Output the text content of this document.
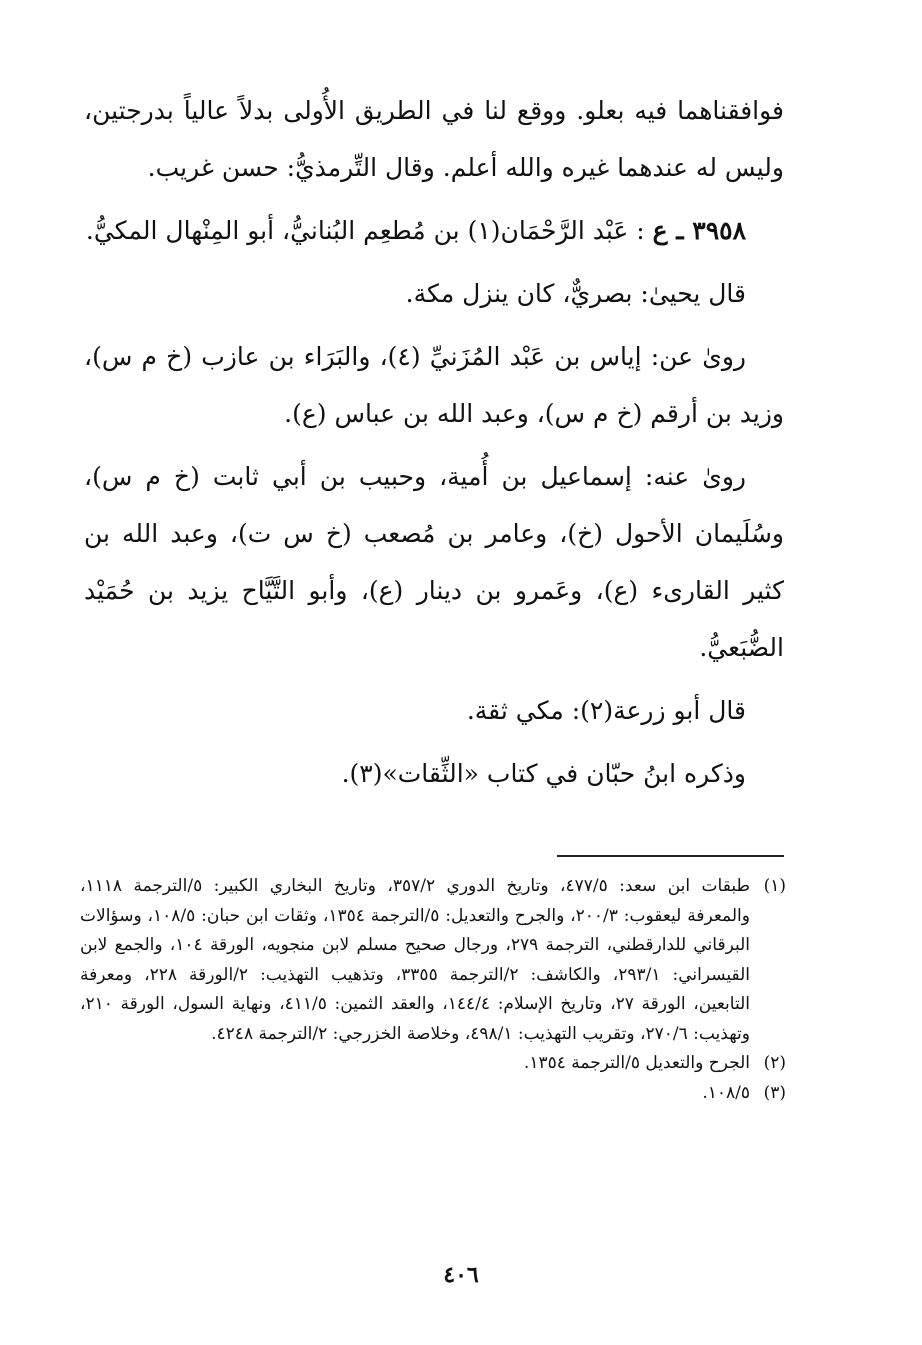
فوافقناهما فيه بعلو. ووقع لنا في الطريق الأُولى بدلاً عالياً بدرجتين، وليس له عندهما غيره والله أعلم. وقال التِّرمذيُّ: حسن غريب.

٣٩٥٨ ـ ع : عَبْد الرَّحْمَان(١) بن مُطعِم البُنانيُّ، أبو المِنْهال المكيُّ.

قال يحيىٰ: بصريٌّ، كان ينزل مكة.

روىٰ عن: إياس بن عَبْد المُزَنيِّ (٤)، والبَرَاء بن عازب (خ م س)، وزيد بن أرقم (خ م س)، وعبد الله بن عباس (ع).

روىٰ عنه: إسماعيل بن أُمية، وحبيب بن أبي ثابت (خ م س)، وسُلَيمان الأحول (خ)، وعامر بن مُصعب (خ س ت)، وعبد الله بن كثير القارىء (ع)، وعَمرو بن دينار (ع)، وأبو التَّيَّاح يزيد بن حُمَيْد الضُّبَعيُّ.

قال أبو زرعة(٢): مكي ثقة.

وذكره ابنُ حبّان في كتاب «الثِّقات»(٣).

(١)
طبقات ابن سعد: ٤٧٧/٥، وتاريخ الدوري ٣٥٧/٢، وتاريخ البخاري الكبير: ٥/الترجمة ١١١٨، والمعرفة ليعقوب: ٢٠٠/٣، والجرح والتعديل: ٥/الترجمة ١٣٥٤، وثقات ابن حبان: ١٠٨/٥، وسؤالات البرقاني للدارقطني، الترجمة ٢٧٩، ورجال صحيح مسلم لابن منجويه، الورقة ١٠٤، والجمع لابن القيسراني: ٢٩٣/١، والكاشف: ٢/الترجمة ٣٣٥٥، وتذهيب التهذيب: ٢/الورقة ٢٢٨، ومعرفة التابعين، الورقة ٢٧، وتاريخ الإسلام: ١٤٤/٤، والعقد الثمين: ٤١١/٥، ونهاية السول، الورقة ٢١٠، وتهذيب: ٢٧٠/٦، وتقريب التهذيب: ٤٩٨/١، وخلاصة الخزرجي: ٢/الترجمة ٤٢٤٨.
(٢)
الجرح والتعديل ٥/الترجمة ١٣٥٤.
(٣)
١٠٨/٥.
٤٠٦
